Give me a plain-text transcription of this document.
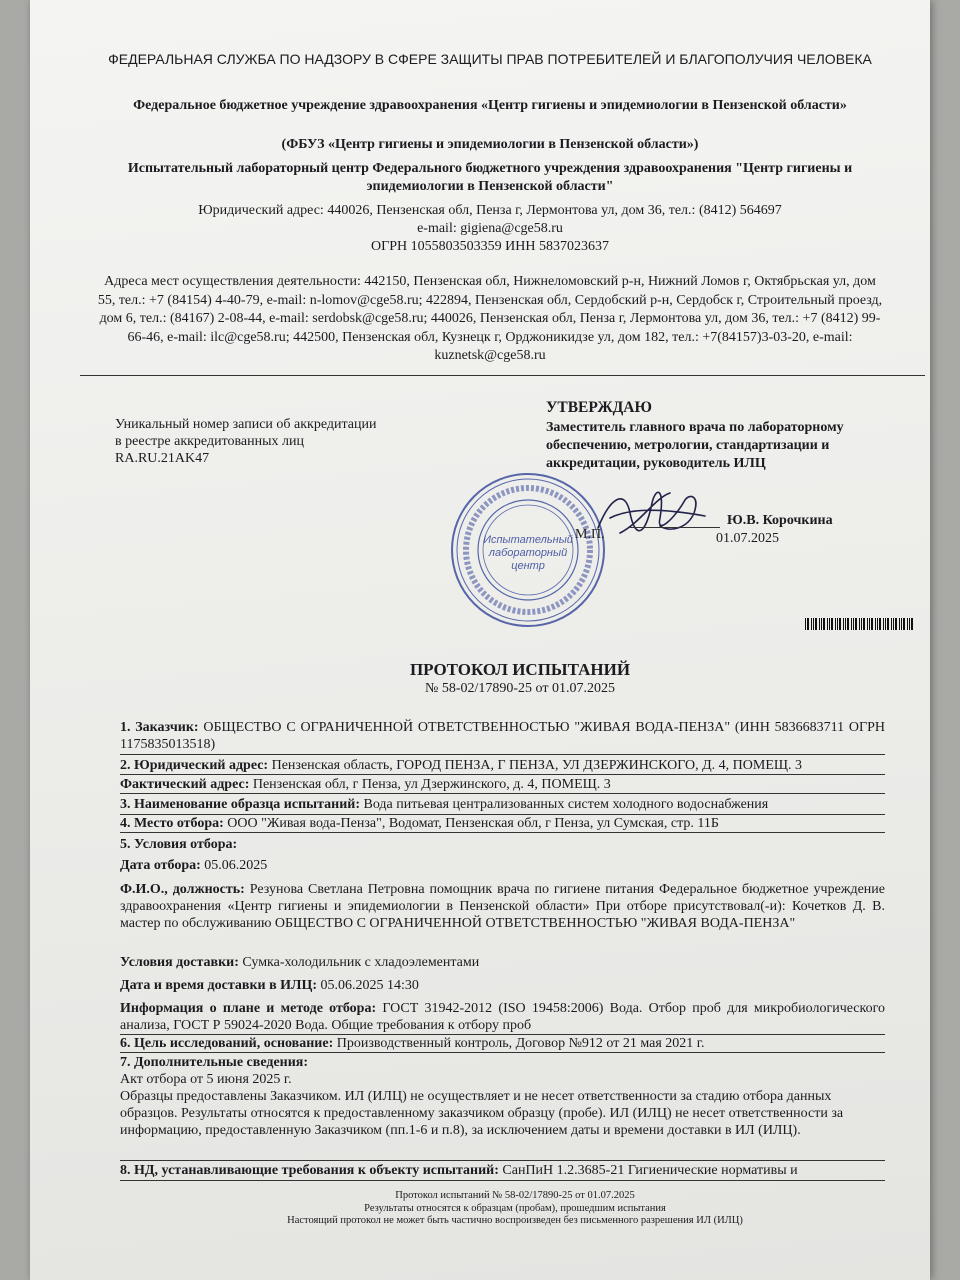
ФЕДЕРАЛЬНАЯ СЛУЖБА ПО НАДЗОРУ В СФЕРЕ ЗАЩИТЫ ПРАВ ПОТРЕБИТЕЛЕЙ И БЛАГОПОЛУЧИЯ ЧЕЛОВЕКА
Федеральное бюджетное учреждение здравоохранения «Центр гигиены и эпидемиологии в Пензенской области»
(ФБУЗ «Центр гигиены и эпидемиологии в Пензенской области»)
Испытательный лабораторный центр Федерального бюджетного учреждения здравоохранения "Центр гигиены и эпидемиологии в Пензенской области"
Юридический адрес: 440026, Пензенская обл, Пенза г, Лермонтова ул, дом 36, тел.: (8412) 564697
e-mail: gigiena@cge58.ru
ОГРН 1055803503359 ИНН 5837023637
Адреса мест осуществления деятельности: 442150, Пензенская обл, Нижнеломовский р-н, Нижний Ломов г, Октябрьская ул, дом 55, тел.: +7 (84154) 4-40-79, e-mail: n-lomov@cge58.ru; 422894, Пензенская обл, Сердобский р-н, Сердобск г, Строительный проезд, дом 6, тел.: (84167) 2-08-44, e-mail: serdobsk@cge58.ru; 440026, Пензенская обл, Пенза г, Лермонтова ул, дом 36, тел.: +7 (8412) 99-66-46, e-mail: ilc@cge58.ru; 442500, Пензенская обл, Кузнецк г, Орджоникидзе ул, дом 182, тел.: +7(84157)3-03-20, e-mail: kuznetsk@cge58.ru
Уникальный номер записи об аккредитации
в реестре аккредитованных лиц
RA.RU.21AK47
УТВЕРЖДАЮ
Заместитель главного врача по лабораторному обеспечению, метрологии, стандартизации и аккредитации, руководитель ИЛЦ
Испытательный
лабораторный
центр
Ю.В. Корочкина
01.07.2025
М.П.
ПРОТОКОЛ ИСПЫТАНИЙ
№ 58-02/17890-25 от 01.07.2025
1. Заказчик: ОБЩЕСТВО С ОГРАНИЧЕННОЙ ОТВЕТСТВЕННОСТЬЮ "ЖИВАЯ ВОДА-ПЕНЗА" (ИНН 5836683711 ОГРН 1175835013518)
2. Юридический адрес: Пензенская область, ГОРОД ПЕНЗА, Г ПЕНЗА, УЛ ДЗЕРЖИНСКОГО, Д. 4, ПОМЕЩ. 3
Фактический адрес: Пензенская обл, г Пенза, ул Дзержинского, д. 4, ПОМЕЩ. 3
3. Наименование образца испытаний: Вода питьевая централизованных систем холодного водоснабжения
4. Место отбора: ООО "Живая вода-Пенза", Водомат, Пензенская обл, г Пенза, ул Сумская, стр. 11Б
5. Условия отбора:
Дата отбора: 05.06.2025
Ф.И.О., должность: Резунова Светлана Петровна помощник врача по гигиене питания Федеральное бюджетное учреждение здравоохранения «Центр гигиены и эпидемиологии в Пензенской области» При отборе присутствовал(-и): Кочетков Д. В. мастер по обслуживанию ОБЩЕСТВО С ОГРАНИЧЕННОЙ ОТВЕТСТВЕННОСТЬЮ "ЖИВАЯ ВОДА-ПЕНЗА"
Условия доставки: Сумка-холодильник с хладоэлементами
Дата и время доставки в ИЛЦ: 05.06.2025 14:30
Информация о плане и методе отбора: ГОСТ 31942-2012 (ISO 19458:2006) Вода. Отбор проб для микробиологического анализа, ГОСТ Р 59024-2020 Вода. Общие требования к отбору проб
6. Цель исследований, основание: Производственный контроль, Договор №912 от 21 мая 2021 г.
7. Дополнительные сведения:
Акт отбора от 5 июня 2025 г.
Образцы предоставлены Заказчиком. ИЛ (ИЛЦ) не осуществляет и не несет ответственности за стадию отбора данных образцов. Результаты относятся к предоставленному заказчиком образцу (пробе). ИЛ (ИЛЦ) не несет ответственности за информацию, предоставленную Заказчиком (пп.1-6 и п.8), за исключением даты и времени доставки в ИЛ (ИЛЦ).
8. НД, устанавливающие требования к объекту испытаний: СанПиН 1.2.3685-21 Гигиенические нормативы и
Протокол испытаний № 58-02/17890-25 от 01.07.2025
Результаты относятся к образцам (пробам), прошедшим испытания
Настоящий протокол не может быть частично воспроизведен без письменного разрешения ИЛ (ИЛЦ)
